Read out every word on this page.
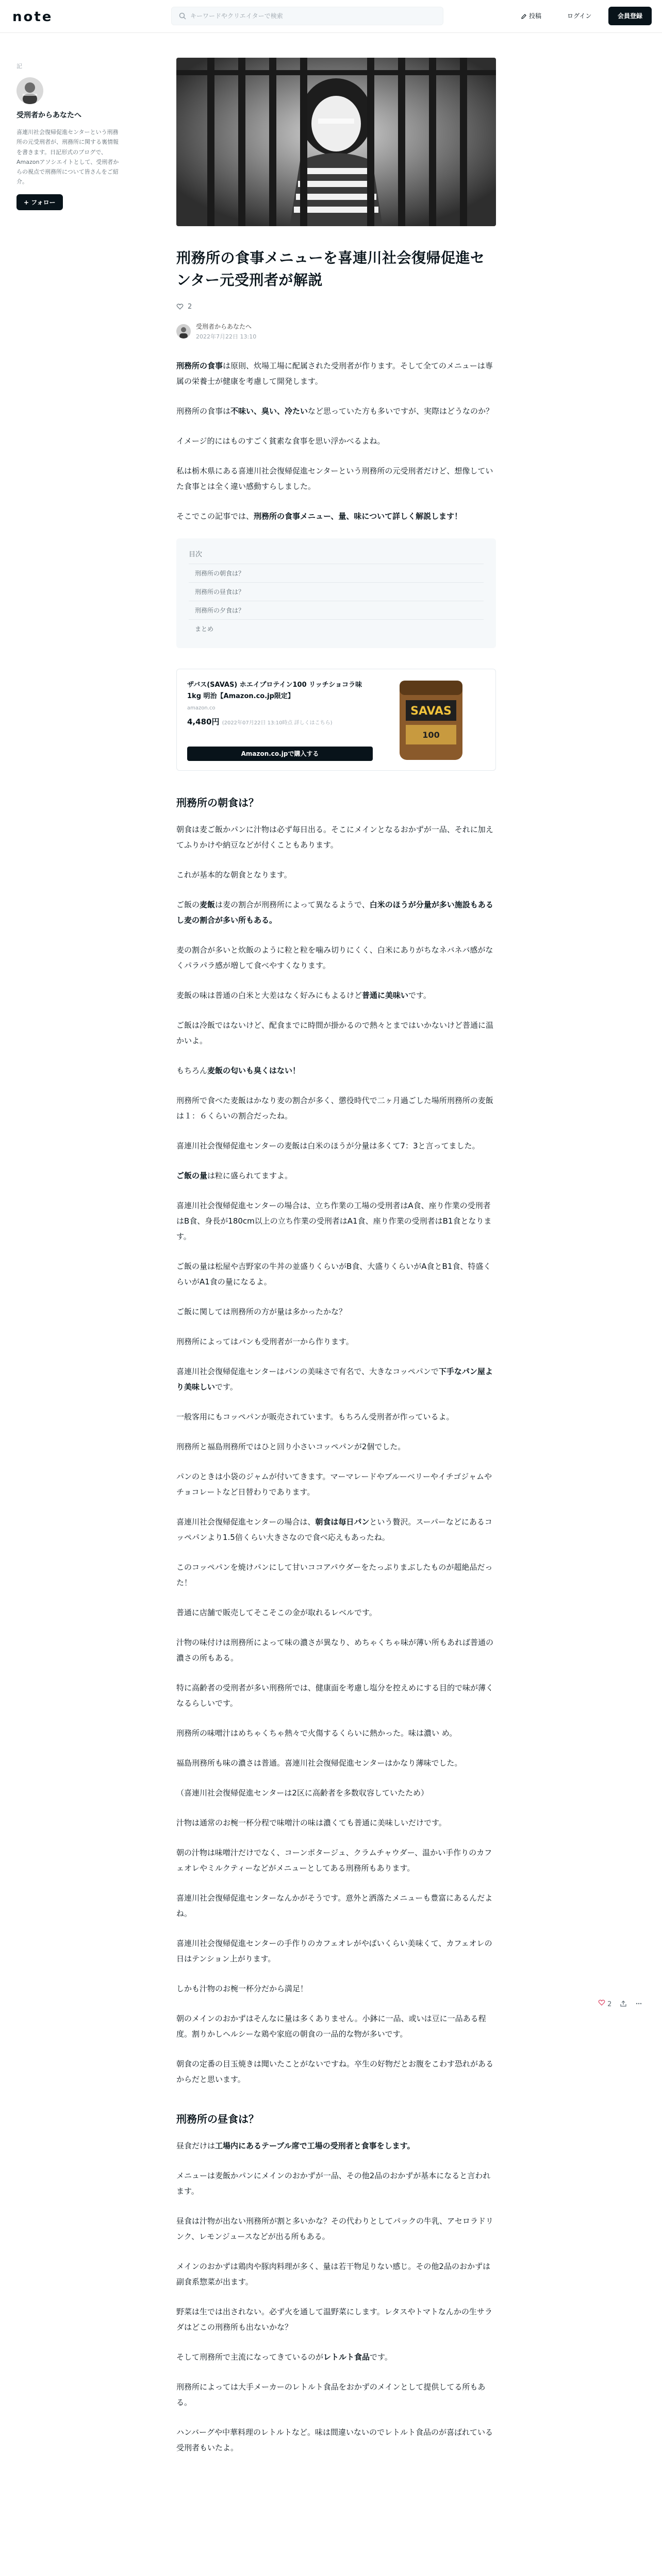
note
キーワードやクリエイターで検索	投稿	ログイン	会員登録
記
受刑者からあなたへ
喜連川社会復帰促進センターという刑務所の元受刑者が、刑務所に関する裏情報を書きます。日記形式のブログで、Amazonアソシエイトとして、受刑者からの視点で刑務所について皆さんをご紹介。
+ フォロー
刑務所の食事メニューを喜連川社会復帰促進センター元受刑者が解説
2
受刑者からあなたへ
2022年7月22日 13:10

刑務所の食事は原則、炊場工場に配属された受刑者が作ります。そして全てのメニューは専属の栄養士が健康を考慮して開発します。

刑務所の食事は不味い、臭い、冷たいなど思っていた方も多いですが、実際はどうなのか？

イメージ的にはものすごく貧素な食事を思い浮かべるよね。

私は栃木県にある喜連川社会復帰促進センターという刑務所の元受刑者だけど、想像していた食事とは全く違い感動すらしました。

そこでこの記事では、刑務所の食事メニュー、量、味について詳しく解説します！

目次
刑務所の朝食は？
刑務所の昼食は？
刑務所の夕食は？
まとめ
ザバス(SAVAS) ホエイプロテイン100 リッチショコラ味 1kg 明治【Amazon.co.jp限定】
amazon.co
4,480円 (2022年07月22日 13:10時点 詳しくはこちら)
Amazon.co.jpで購入する
SAVAS
100
刑務所の朝食は？

朝食は麦ご飯かパンに汁物は必ず毎日出る。そこにメインとなるおかずが一品、それに加えてふりかけや納豆などが付くこともあります。

これが基本的な朝食となります。

ご飯の麦飯は麦の割合が刑務所によって異なるようで、白米のほうが分量が多い施設もあるし麦の割合が多い所もある。

麦の割合が多いと炊飯のように粒と粒を噛み切りにくく、白米にありがちなネバネバ感がなくパラパラ感が増して食べやすくなります。

麦飯の味は普通の白米と大差はなく好みにもよるけど普通に美味いです。

ご飯は冷飯ではないけど、配食までに時間が掛かるので熱々とまではいかないけど普通に温かいよ。

もちろん麦飯の匂いも臭くはない！

刑務所で食べた麦飯はかなり麦の割合が多く、懲役時代で二ヶ月過ごした場所刑務所の麦飯は１：６くらいの割合だったね。

喜連川社会復帰促進センターの麦飯は白米のほうが分量は多くて7：3と言ってました。

ご飯の量は粒に盛られてますよ。

喜連川社会復帰促進センターの場合は、立ち作業の工場の受刑者はA食、座り作業の受刑者はB食、身長が180cm以上の立ち作業の受刑者はA1食、座り作業の受刑者はB1食となります。

ご飯の量は松屋や吉野家の牛丼の並盛りくらいがB食、大盛りくらいがA食とB1食、特盛くらいがA1食の量になるよ。

ご飯に関しては刑務所の方が量は多かったかな？

刑務所によってはパンも受刑者が一から作ります。

喜連川社会復帰促進センターはパンの美味さで有名で、大きなコッペパンで下手なパン屋より美味しいです。

一般客用にもコッペパンが販売されています。もちろん受刑者が作っているよ。

刑務所と福島刑務所ではひと回り小さいコッペパンが2個でした。

パンのときは小袋のジャムが付いてきます。マーマレードやブルーベリーやイチゴジャムやチョコレートなど日替わりであります。

喜連川社会復帰促進センターの場合は、朝食は毎日パンという贅沢。スーパーなどにあるコッペパンより1.5倍くらい大きさなので食べ応えもあったね。

このコッペパンを焼けパンにして甘いココアパウダーをたっぷりまぶしたものが超絶品だった！

普通に店舗で販売してそこそこの金が取れるレベルです。

汁物の味付けは刑務所によって味の濃さが異なり、めちゃくちゃ味が薄い所もあれば普通の濃さの所もある。

特に高齢者の受刑者が多い刑務所では、健康面を考慮し塩分を控えめにする目的で味が薄くなるらしいです。

刑務所の味噌汁はめちゃくちゃ熱々で火傷するくらいに熱かった。味は濃い め。

福島刑務所も味の濃さは普通。喜連川社会復帰促進センターはかなり薄味でした。

（喜連川社会復帰促進センターは2区に高齢者を多数収容していたため）

汁物は通常のお椀一杯分程で味噌汁の味は濃くても普通に美味しいだけです。

朝の汁物は味噌汁だけでなく、コーンポタージュ、クラムチャウダー、温かい手作りのカフェオレやミルクティーなどがメニューとしてある刑務所もあります。

喜連川社会復帰促進センターなんかがそうです。意外と洒落たメニューも豊富にあるんだよね。

喜連川社会復帰促進センターの手作りのカフェオレがやばいくらい美味くて、カフェオレの日はテンション上がります。

しかも汁物のお椀一杯分だから満足！

朝のメインのおかずはそんなに量は多くありません。小鉢に一品、或いは豆に一品ある程度。割りかしヘルシーな鶏や家庭の朝食の一品的な物が多いです。

朝食の定番の目玉焼きは聞いたことがないですね。卒生の好物だとお腹をこわす恐れがあるからだと思います。

刑務所の昼食は？

昼食だけは工場内にあるテーブル席で工場の受刑者と食事をします。

メニューは麦飯かパンにメインのおかずが一品、その他2品のおかずが基本になると言われます。

昼食は汁物が出ない刑務所が割と多いかな？その代わりとしてパックの牛乳、アセロラドリンク、レモンジュースなどが出る所もある。

メインのおかずは鶏肉や豚肉料理が多く、量は若干物足りない感じ。その他2品のおかずは副食系惣菜が出ます。

野菜は生では出されない。必ず火を通して温野菜にします。レタスやトマトなんかの生サラダはどこの刑務所も出ないかな？

そして刑務所で主流になってきているのがレトルト食品です。

刑務所によっては大手メーカーのレトルト食品をおかずのメインとして提供してる所もある。

ハンバーグや中華料理のレトルトなど。味は間違いないのでレトルト食品のが喜ばれている受刑者もいたよ。

2
